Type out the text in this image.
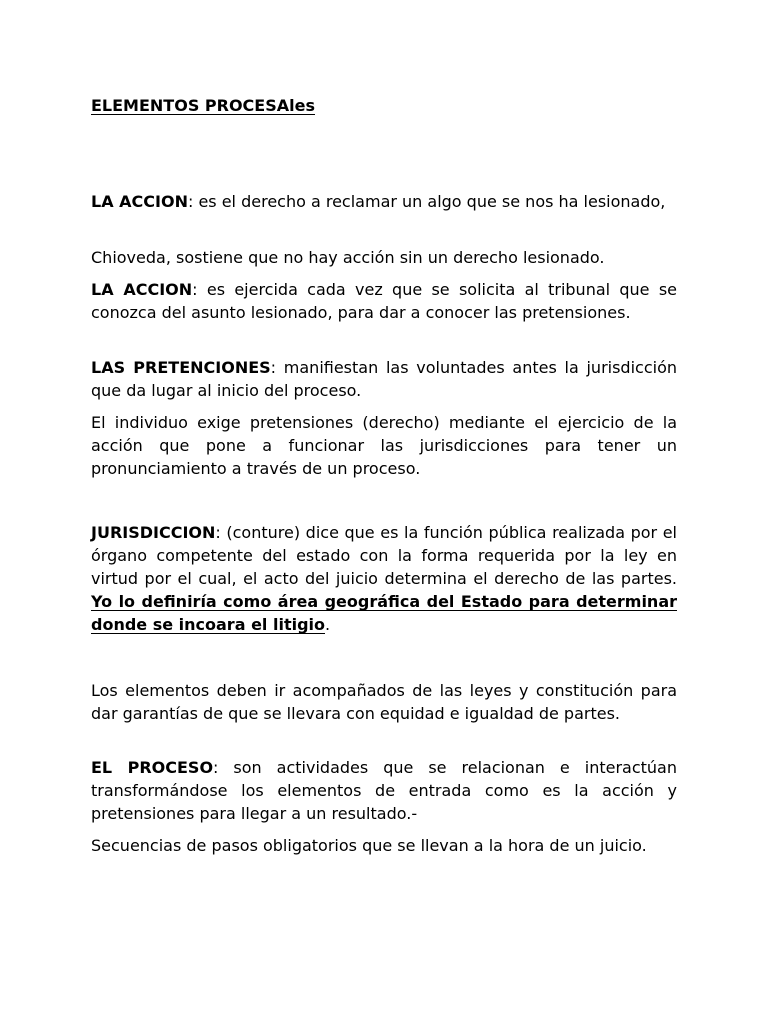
ELEMENTOS PROCESAles

LA ACCION: es el derecho a reclamar un algo que se nos ha lesionado,

Chioveda, sostiene que no hay acción sin un derecho lesionado.

LA ACCION: es ejercida cada vez que se solicita al tribunal que se conozca del asunto lesionado, para dar a conocer las pretensiones.

LAS PRETENCIONES: manifiestan las voluntades antes la jurisdicción que da lugar al inicio del proceso.

El individuo exige pretensiones (derecho) mediante el ejercicio de la acción que pone a funcionar las jurisdicciones para tener un pronunciamiento a través de un proceso.

JURISDICCION: (conture) dice que es la función pública realizada por el órgano competente del estado con la forma requerida por la ley en virtud por el cual, el acto del juicio determina el derecho de las partes. Yo lo definiría como área geográfica del Estado para determinar donde se incoara el litigio.

Los elementos deben ir acompañados de las leyes y constitución para dar garantías de que se llevara con equidad e igualdad de partes.

EL PROCESO: son actividades que se relacionan e interactúan transformándose los elementos de entrada como es la acción y pretensiones para llegar a un resultado.-

Secuencias de pasos obligatorios que se llevan a la hora de un juicio.
